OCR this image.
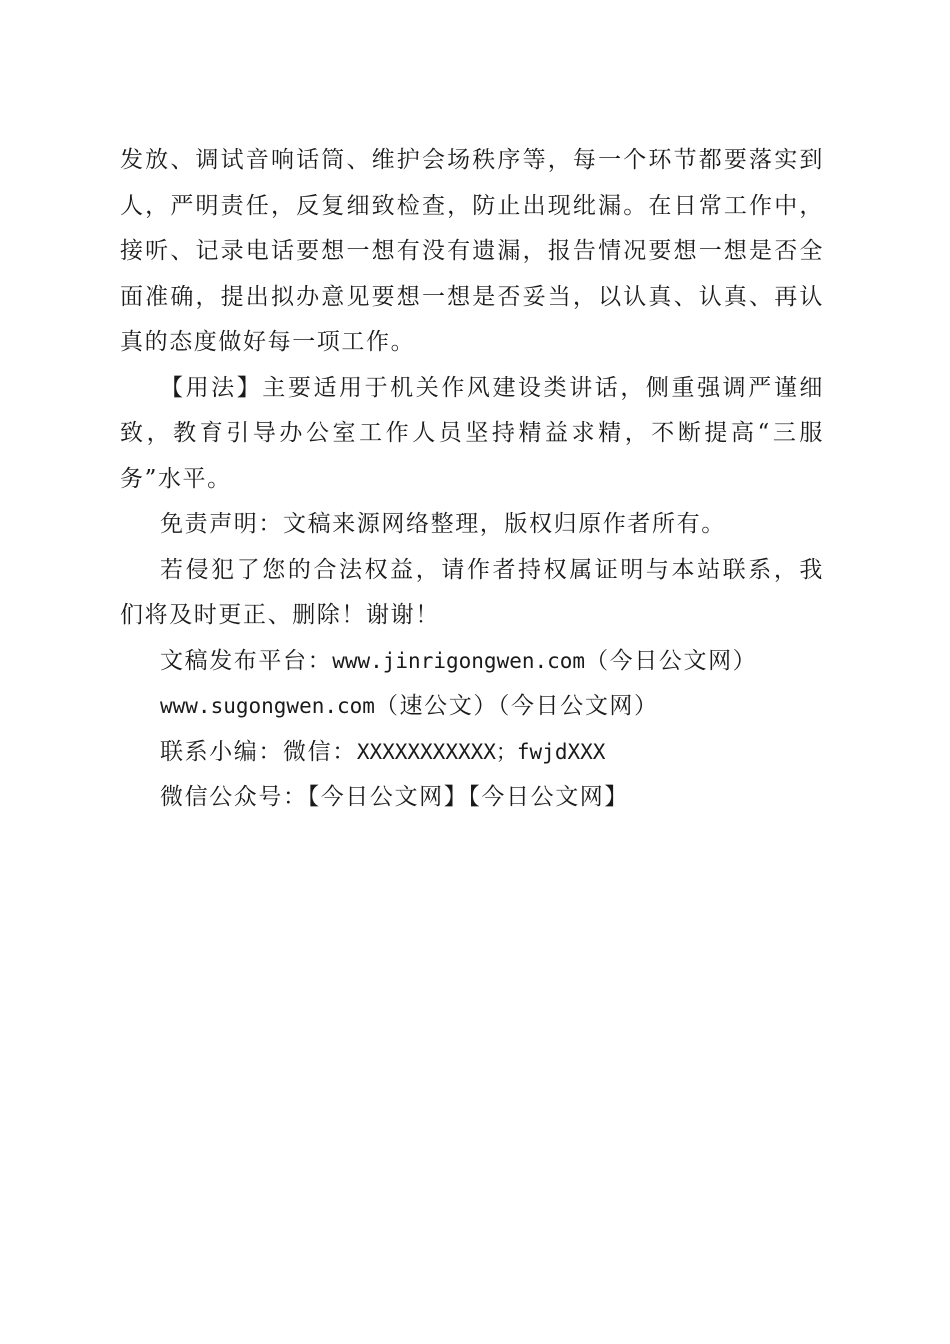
发放、调试音响话筒、维护会场秩序等，每一个环节都要落实到人，严明责任，反复细致检查，防止出现纰漏。在日常工作中，接听、记录电话要想一想有没有遗漏，报告情况要想一想是否全面准确，提出拟办意见要想一想是否妥当，以认真、认真、再认真的态度做好每一项工作。

【用法】主要适用于机关作风建设类讲话，侧重强调严谨细致，教育引导办公室工作人员坚持精益求精，不断提高“三服务”水平。

免责声明：文稿来源网络整理，版权归原作者所有。

若侵犯了您的合法权益，请作者持权属证明与本站联系，我们将及时更正、删除！谢谢！

文稿发布平台：www.jinrigongwen.com（今日公文网）

www.sugongwen.com（速公文）（今日公文网）

联系小编：微信：XXXXXXXXXXX；fwjdXXX

微信公众号：【今日公文网】【今日公文网】
